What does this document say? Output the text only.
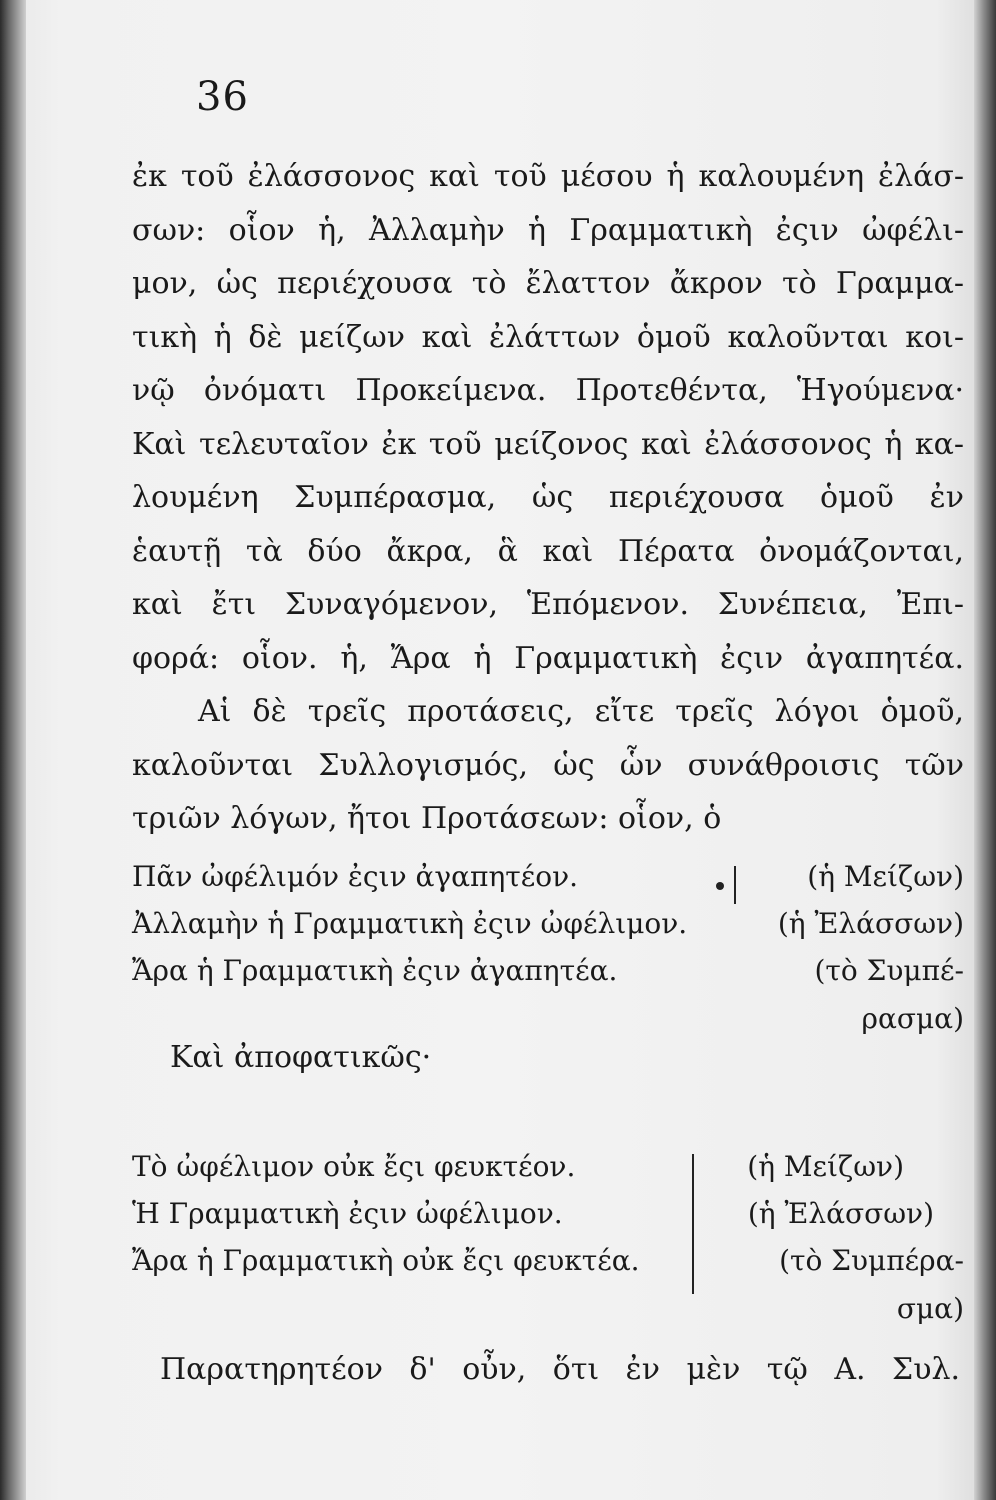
36
ἐκ τοῦ ἐλάσσονος καὶ τοῦ μέσου ἡ καλουμένη ἐλάσ-
σων: οἷον ἡ, Ἀλλαμὴν ἡ Γραμματικὴ ἐςιν ὠφέλι-
μον, ὡς περιέχουσα τὸ ἔλαττον ἄκρον τὸ Γραμμα-
τικὴ ἡ δὲ μείζων καὶ ἐλάττων ὁμοῦ καλοῦνται κοι-
νῷ ὀνόματι Προκείμενα. Προτεθέντα, Ἡγούμενα·
Καὶ τελευταῖον ἐκ τοῦ μείζονος καὶ ἐλάσσονος ἡ κα-
λουμένη Συμπέρασμα, ὡς περιέχουσα ὁμοῦ ἐν
ἑαυτῇ τὰ δύο ἄκρα, ἃ καὶ Πέρατα ὀνομάζονται,
καὶ ἔτι Συναγόμενον, Ἑπόμενον. Συνέπεια, Ἐπι-
φορά: οἷον. ἡ, Ἄρα ἡ Γραμματικὴ ἐςιν ἀγαπητέα.
Αἱ δὲ τρεῖς προτάσεις, εἴτε τρεῖς λόγοι ὁμοῦ,
καλοῦνται Συλλογισμός, ὡς ὧν συνάθροισις τῶν
τριῶν λόγων, ἤτοι Προτάσεων: οἷον, ὁ
Πᾶν ὠφέλιμόν ἐςιν ἀγαπητέον.	(ἡ Μείζων)
Ἀλλαμὴν ἡ Γραμματικὴ ἐςιν ὠφέλιμον.	(ἡ Ἐλάσσων)
Ἄρα ἡ Γραμματικὴ ἐςιν ἀγαπητέα.	(τὸ Συμπέ-
ρασμα)
Καὶ ἀποφατικῶς·
Τὸ ὠφέλιμον οὐκ ἔςι φευκτέον.	(ἡ Μείζων)
Ἡ Γραμματικὴ ἐςιν ὠφέλιμον.	(ἡ Ἐλάσσων)
Ἄρα ἡ Γραμματικὴ οὐκ ἔςι φευκτέα.	(τὸ Συμπέρα-
σμα)
Παρατηρητέον δ' οὖν, ὅτι ἐν μὲν τῷ Α. Συλ.
